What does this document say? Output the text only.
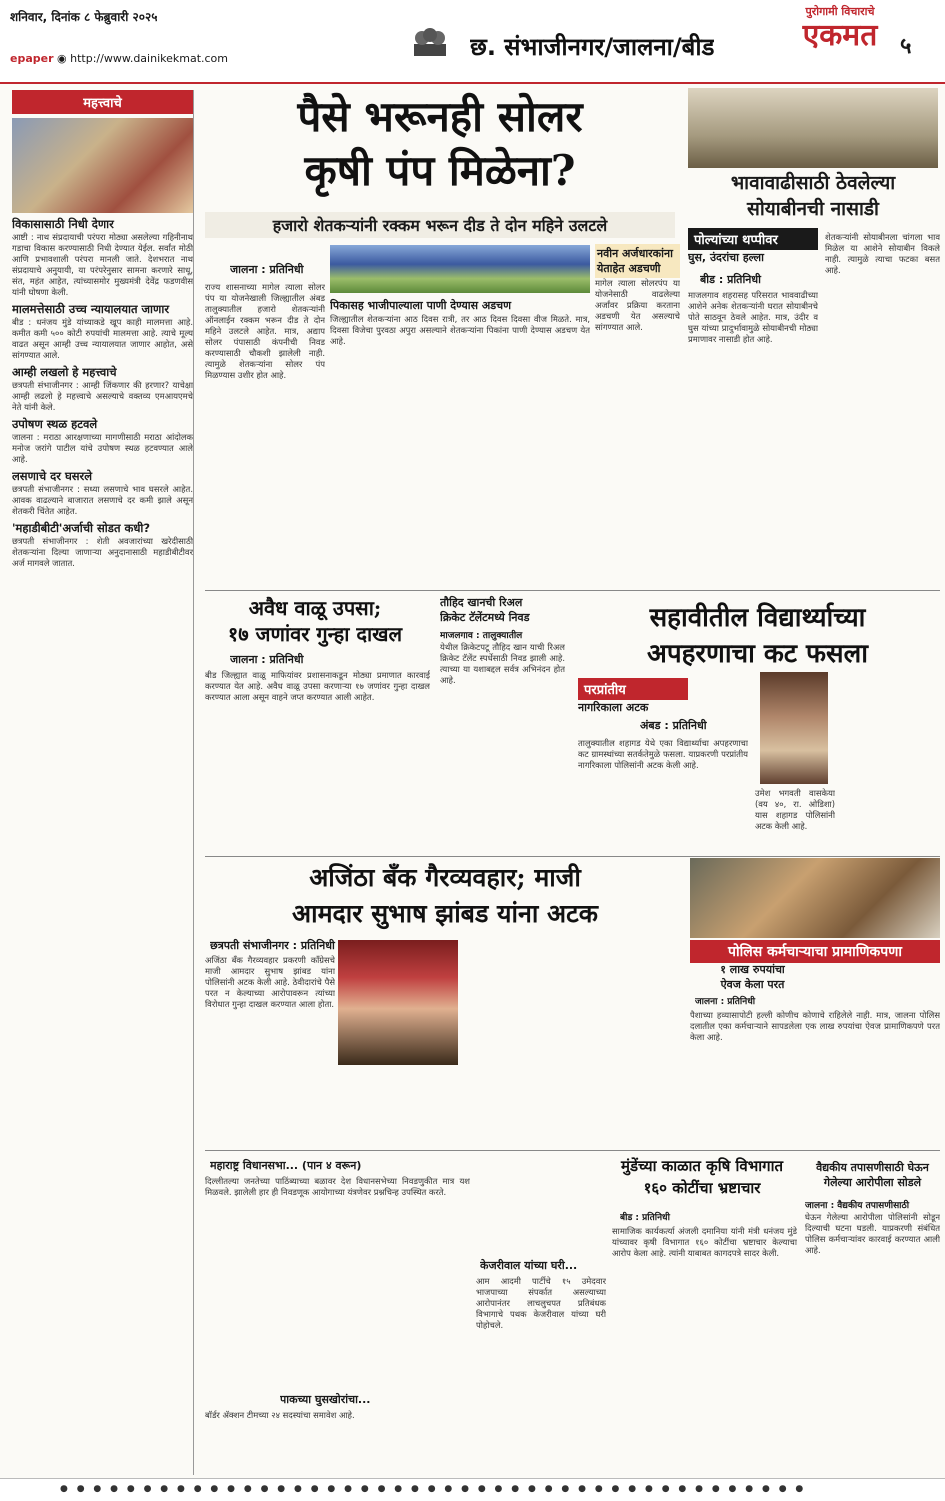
शनिवार, दिनांक ८ फेब्रुवारी २०२५
epaper ◉ http://www.dainikekmat.com	छ. संभाजीनगर/जालना/बीड
पुरोगामी विचाराचे
एकमत	५
महत्त्वाचे
विकासासाठी निधी देणार
आष्टी : नाथ संप्रदायाची परंपरा मोठ्या असलेल्या गहिनीनाथ गडाचा विकास करण्यासाठी निधी देण्यात येईल. सर्वांत मोठी आणि प्रभावशाली परंपरा मानली जाते. देशभरात नाथ संप्रदायाचे अनुयायी, या परंपरेनुसार सामना करणारे साधू, संत, महंत आहेत, त्यांच्यासमोर मुख्यमंत्री देवेंद्र फडणवीस यांनी घोषणा केली.
मालमत्तेसाठी उच्च न्यायालयात जाणार
बीड : धनंजय मुंडे यांच्याकडे खूप काही मालमत्ता आहे. कमीत कमी ५०० कोटी रुपयांची मालमत्ता आहे. त्याचे मूल्य वाढत असून आम्ही उच्च न्यायालयात जाणार आहोत, असे सांगण्यात आले.
आम्ही लखलो हे महत्त्वाचे
छत्रपती संभाजीनगर : आम्ही जिंकणार की हरणार? याचेक्षा आम्ही लढलो हे महत्त्वाचे असल्याचे वक्तव्य एमआयएमचे नेते यांनी केले.
उपोषण स्थळ हटवले
जालना : मराठा आरक्षणाच्या मागणीसाठी मराठा आंदोलक मनोज जरांगे पाटील यांचे उपोषण स्थळ हटवण्यात आले आहे.
लसणाचे दर घसरले
छत्रपती संभाजीनगर : सध्या लसणाचे भाव घसरले आहेत. आवक वाढल्याने बाजारात लसणाचे दर कमी झाले असून शेतकरी चिंतेत आहेत.
'महाडीबीटी'अर्जाची सोडत कधी?
छत्रपती संभाजीनगर : शेती अवजारांच्या खरेदीसाठी शेतकऱ्यांना दिल्या जाणाऱ्या अनुदानासाठी महाडीबीटीवर अर्ज मागवले जातात.
पैसे भरूनही सोलर
कृषी पंप मिळेना?
हजारो शेतकऱ्यांनी रक्कम भरून दीड ते दोन महिने उलटले
जालना : प्रतिनिधी
राज्य शासनाच्या मागेल त्याला सोलर पंप या योजनेखाली जिल्ह्यातील अंबड तालुक्यातील हजारो शेतकऱ्यांनी ऑनलाईन रक्कम भरून दीड ते दोन महिने उलटले आहेत. मात्र, अद्याप सोलर पंपासाठी कंपनीची निवड करण्यासाठी चौकशी झालेली नाही. त्यामुळे शेतकऱ्यांना सोलर पंप मिळण्यास उशीर होत आहे.
पिकासह भाजीपाल्याला पाणी देण्यास अडचण
जिल्ह्यातील शेतकऱ्यांना आठ दिवस रात्री, तर आठ दिवस दिवसा वीज मिळते. मात्र, दिवसा विजेचा पुरवठा अपुरा असल्याने शेतकऱ्यांना पिकांना पाणी देण्यास अडचण येत आहे.
नवीन अर्जधारकांना येताहेत अडचणी
मागेल त्याला सोलरपंप या योजनेसाठी वाढलेल्या अर्जांवर प्रक्रिया करताना अडचणी येत असल्याचे सांगण्यात आले.
भावावाढीसाठी ठेवलेल्या
सोयाबीनची नासाडी
पोल्यांच्या थप्पीवर
घुस, उंदरांचा हल्ला
बीड : प्रतिनिधी
माजलगाव शहरासह परिसरात भाववाढीच्या आशेने अनेक शेतकऱ्यांनी घरात सोयाबीनचे पोते साठवून ठेवले आहेत. मात्र, उंदीर व घुस यांच्या प्रादुर्भावामुळे सोयाबीनची मोठ्या प्रमाणावर नासाडी होत आहे.
शेतकऱ्यांनी सोयाबीनला चांगला भाव मिळेल या आशेने सोयाबीन विकले नाही. त्यामुळे त्याचा फटका बसत आहे.
अवैध वाळू उपसा;
१७ जणांवर गुन्हा दाखल
जालना : प्रतिनिधी
बीड जिल्ह्यात वाळू माफियांवर प्रशासनाकडून मोठ्या प्रमाणात कारवाई करण्यात येत आहे. अवैध वाळू उपसा करणाऱ्या १७ जणांवर गुन्हा दाखल करण्यात आला असून वाहने जप्त करण्यात आली आहेत.
तौहिद खानची रिअल
क्रिकेट टॅलेंटमध्ये निवड
माजलगाव : तालुक्यातील
येथील क्रिकेटपटू तौहिद खान याची रिअल क्रिकेट टॅलेंट स्पर्धेसाठी निवड झाली आहे. त्याच्या या यशाबद्दल सर्वत्र अभिनंदन होत आहे.
सहावीतील विद्यार्थ्याच्या
अपहरणाचा कट फसला
परप्रांतीय
नागरिकाला अटक
अंबड : प्रतिनिधी
तालुक्यातील शहागड येथे एका विद्यार्थ्याचा अपहरणाचा कट ग्रामस्थांच्या सतर्कतेमुळे फसला. याप्रकरणी परप्रांतीय नागरिकाला पोलिसांनी अटक केली आहे.
उमेश भगवती वासकेया (वय ४०, रा. ओडिशा) यास शहागड पोलिसांनी अटक केली आहे.
अजिंठा बँक गैरव्यवहार; माजी
आमदार सुभाष झांबड यांना अटक
छत्रपती संभाजीनगर : प्रतिनिधी
अजिंठा बँक गैरव्यवहार प्रकरणी काँग्रेसचे माजी आमदार सुभाष झांबड यांना पोलिसांनी अटक केली आहे. ठेवीदारांचे पैसे परत न केल्याच्या आरोपावरून त्यांच्या विरोधात गुन्हा दाखल करण्यात आला होता.
पोलिस कर्मचाऱ्याचा प्रामाणिकपणा
१ लाख रुपयांचा
ऐवज केला परत
जालना : प्रतिनिधी
पैशाच्या हव्यासापोटी हल्ली कोणीच कोणाचे राहिलेले नाही. मात्र, जालना पोलिस दलातील एका कर्मचाऱ्याने सापडलेला एक लाख रुपयांचा ऐवज प्रामाणिकपणे परत केला आहे.
महाराष्ट्र विधानसभा... (पान ४ वरून)
दिल्लीतल्या जनतेच्या पाठिंब्याच्या बळावर देश विधानसभेच्या निवडणुकीत मात्र यश मिळवले. झालेली हार ही निवडणूक आयोगाच्या यंत्रणेवर प्रश्नचिन्ह उपस्थित करते.
पाकच्या घुसखोरांचा...
बॉर्डर ॲक्शन टीमच्या २४ सदस्यांचा समावेश आहे.
केजरीवाल यांच्या घरी...
आम आदमी पार्टीचे १५ उमेदवार भाजपाच्या संपर्कात असल्याच्या आरोपानंतर लाचलुचपत प्रतिबंधक विभागाचे पथक केजरीवाल यांच्या घरी पोहोचले.
मुंडेंच्या काळात कृषि विभागात
१६० कोटींचा भ्रष्टाचार
बीड : प्रतिनिधी
सामाजिक कार्यकर्त्या अंजली दमानिया यांनी मंत्री धनंजय मुंडे यांच्यावर कृषी विभागात १६० कोटींचा भ्रष्टाचार केल्याचा आरोप केला आहे. त्यांनी याबाबत कागदपत्रे सादर केली.
वैद्यकीय तपासणीसाठी घेऊन
गेलेल्या आरोपीला सोडले
जालना : वैद्यकीय तपासणीसाठी
घेऊन गेलेल्या आरोपीला पोलिसांनी सोडून दिल्याची घटना घडली. याप्रकरणी संबंधित पोलिस कर्मचाऱ्यांवर कारवाई करण्यात आली आहे.
● ● ● ● ● ● ● ● ● ● ● ● ● ● ● ● ● ● ● ● ● ● ● ● ● ● ● ● ● ● ● ● ● ● ● ● ● ● ● ● ● ● ● ● ●
